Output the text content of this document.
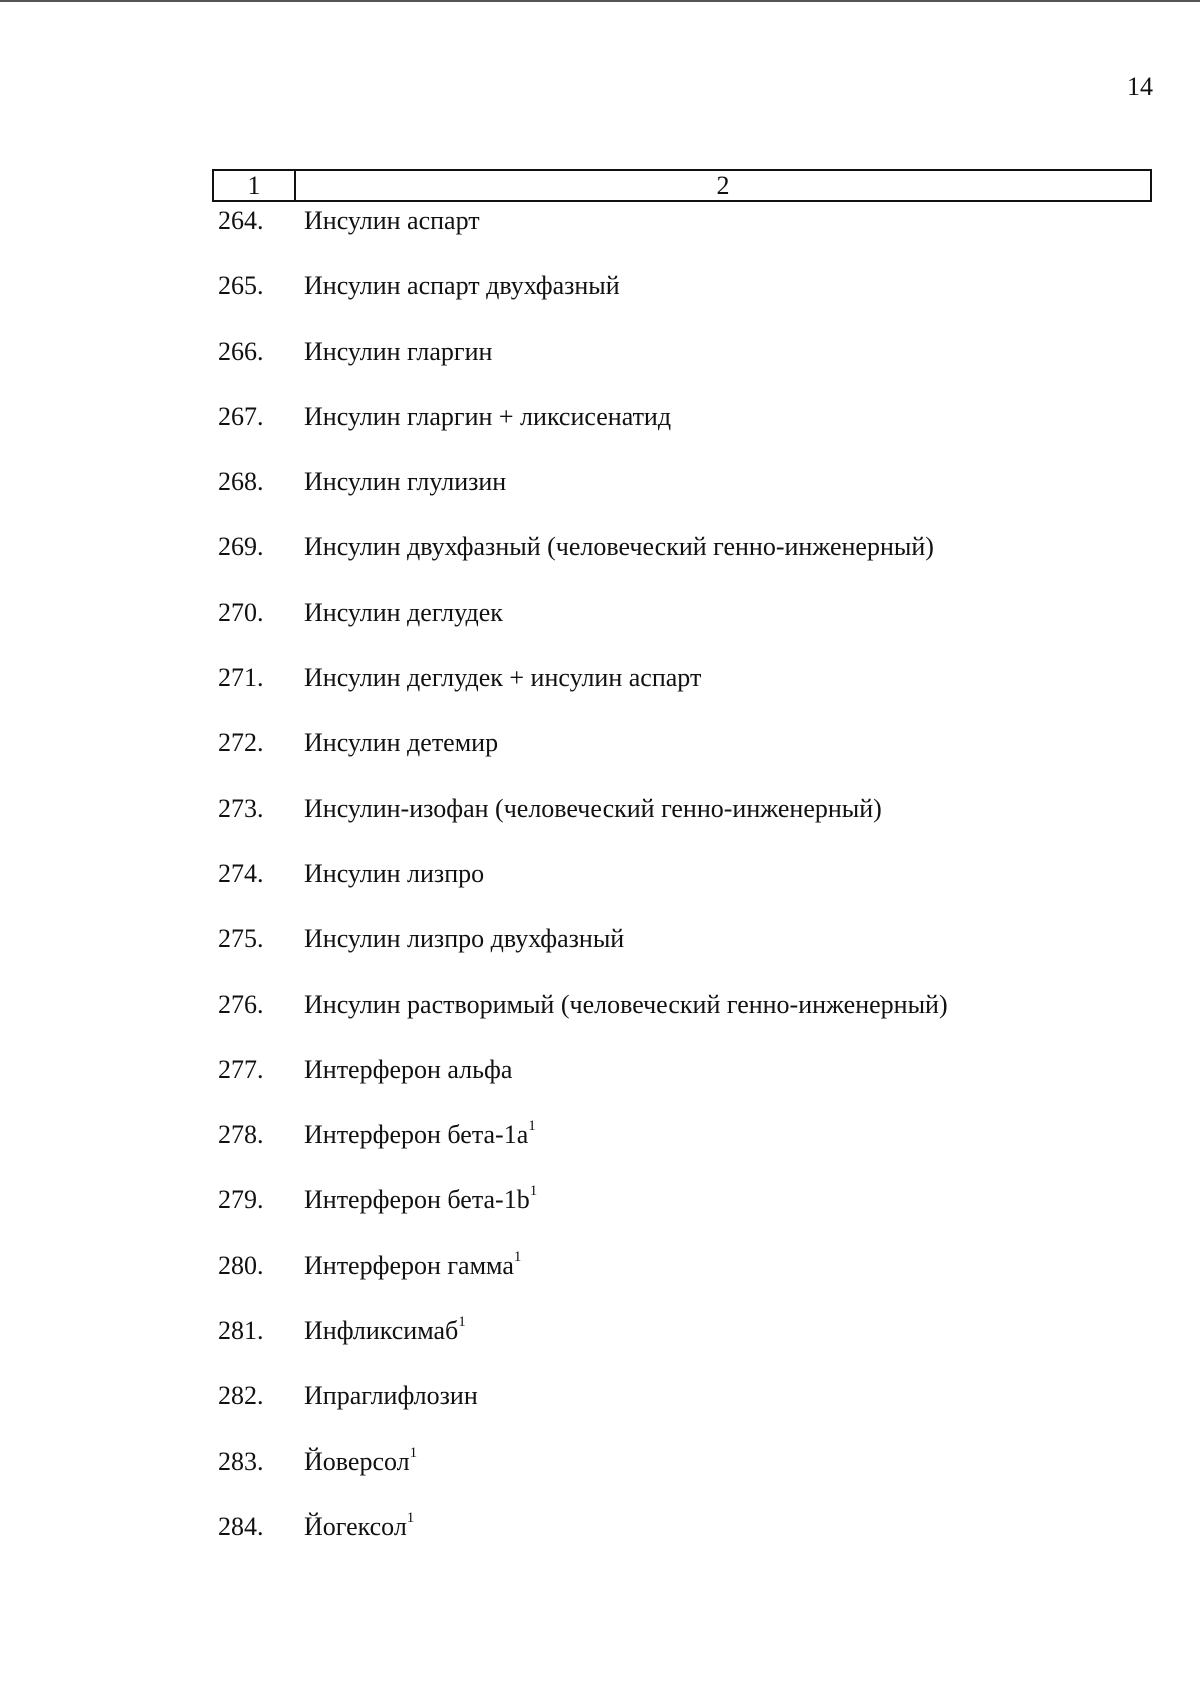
14
1	2
264.	Инсулин аспарт
265.	Инсулин аспарт двухфазный
266.	Инсулин гларгин
267.	Инсулин гларгин + ликсисенатид
268.	Инсулин глулизин
269.	Инсулин двухфазный (человеческий генно-инженерный)
270.	Инсулин деглудек
271.	Инсулин деглудек + инсулин аспарт
272.	Инсулин детемир
273.	Инсулин-изофан (человеческий генно-инженерный)
274.	Инсулин лизпро
275.	Инсулин лизпро двухфазный
276.	Инсулин растворимый (человеческий генно-инженерный)
277.	Интерферон альфа
278.	Интерферон бета-$1a^1$
279.	Интерферон бета-$1b^1$
280.	Интерферон гамма$^1$
281.	Инфликсимаб$^1$
282.	Ипраглифлозин
283.	Йоверсол$^1$
284.	Йогексол$^1$
